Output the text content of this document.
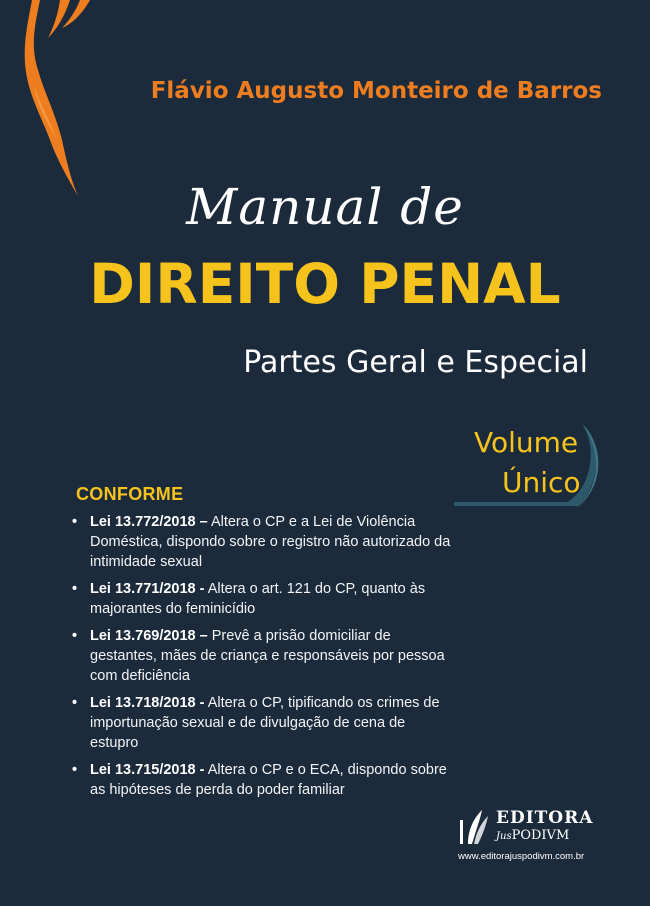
Flávio Augusto Monteiro de Barros
Manual de
DIREITO PENAL
Partes Geral e Especial
Volume
Único
CONFORME
• Lei 13.772/2018 – Altera o CP e a Lei de Violência Doméstica, dispondo sobre o registro não autorizado da intimidade sexual
• Lei 13.771/2018 - Altera o art. 121 do CP, quanto às majorantes do feminicídio
• Lei 13.769/2018 – Prevê a prisão domiciliar de gestantes, mães de criança e responsáveis por pessoa com deficiência
• Lei 13.718/2018 - Altera o CP, tipificando os crimes de importunação sexual e de divulgação de cena de estupro
• Lei 13.715/2018 - Altera o CP e o ECA, dispondo sobre as hipóteses de perda do poder familiar
EDITORA
JusPODIVM
www.editorajuspodivm.com.br
